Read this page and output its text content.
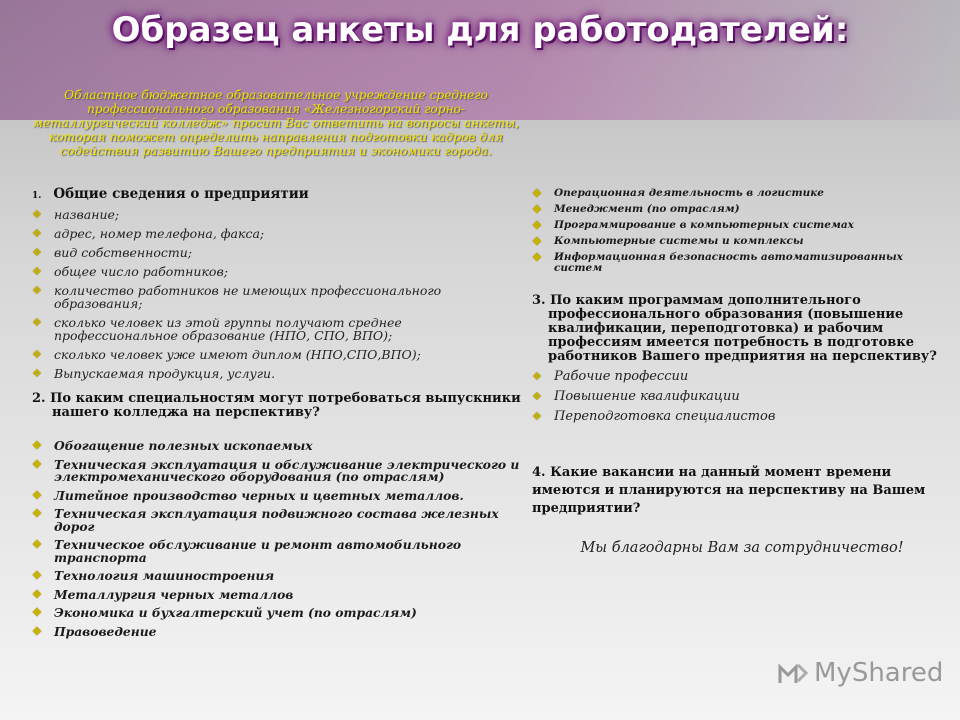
Образец анкеты для работодателей:
Областное бюджетное образовательное учреждение среднего профессионального образования «Железногорский горно-металлургический колледж» просит Вас ответить на вопросы анкеты, которая поможет определить направления подготовки кадров для содействия развитию Вашего предприятия и экономики города.
1. Общие сведения о предприятии
❖ название;
❖ адрес, номер телефона, факса;
❖ вид собственности;
❖ общее число работников;
❖ количество работников не имеющих профессионального образования;
❖ сколько человек из этой группы получают среднее профессиональное образование (НПО, СПО, ВПО);
❖ сколько человек уже имеют диплом (НПО,СПО,ВПО);
❖ Выпускаемая продукция, услуги.
2. По каким специальностям могут потребоваться выпускники нашего колледжа на перспективу?
❖ Обогащение полезных ископаемых
❖ Техническая эксплуатация и обслуживание электрического и электромеханического оборудования (по отраслям)
❖ Литейное производство черных и цветных металлов.
❖ Техническая эксплуатация подвижного состава железных дорог
❖ Техническое обслуживание и ремонт автомобильного транспорта
❖ Технология машиностроения
❖ Металлургия черных металлов
❖ Экономика и бухгалтерский учет (по отраслям)
❖ Правоведение
❖ Операционная деятельность в логистике
❖ Менеджмент (по отраслям)
❖ Программирование в компьютерных системах
❖ Компьютерные системы и комплексы
❖ Информационная безопасность автоматизированных систем
3. По каким программам дополнительного профессионального образования (повышение квалификации, переподготовка) и рабочим профессиям имеется потребность в подготовке работников Вашего предприятия на перспективу?
❖ Рабочие профессии
❖ Повышение квалификации
❖ Переподготовка специалистов
4. Какие вакансии на данный момент времени имеются и планируются на перспективу на Вашем предприятии?
Мы благодарны Вам за сотрудничество!
MyShared
